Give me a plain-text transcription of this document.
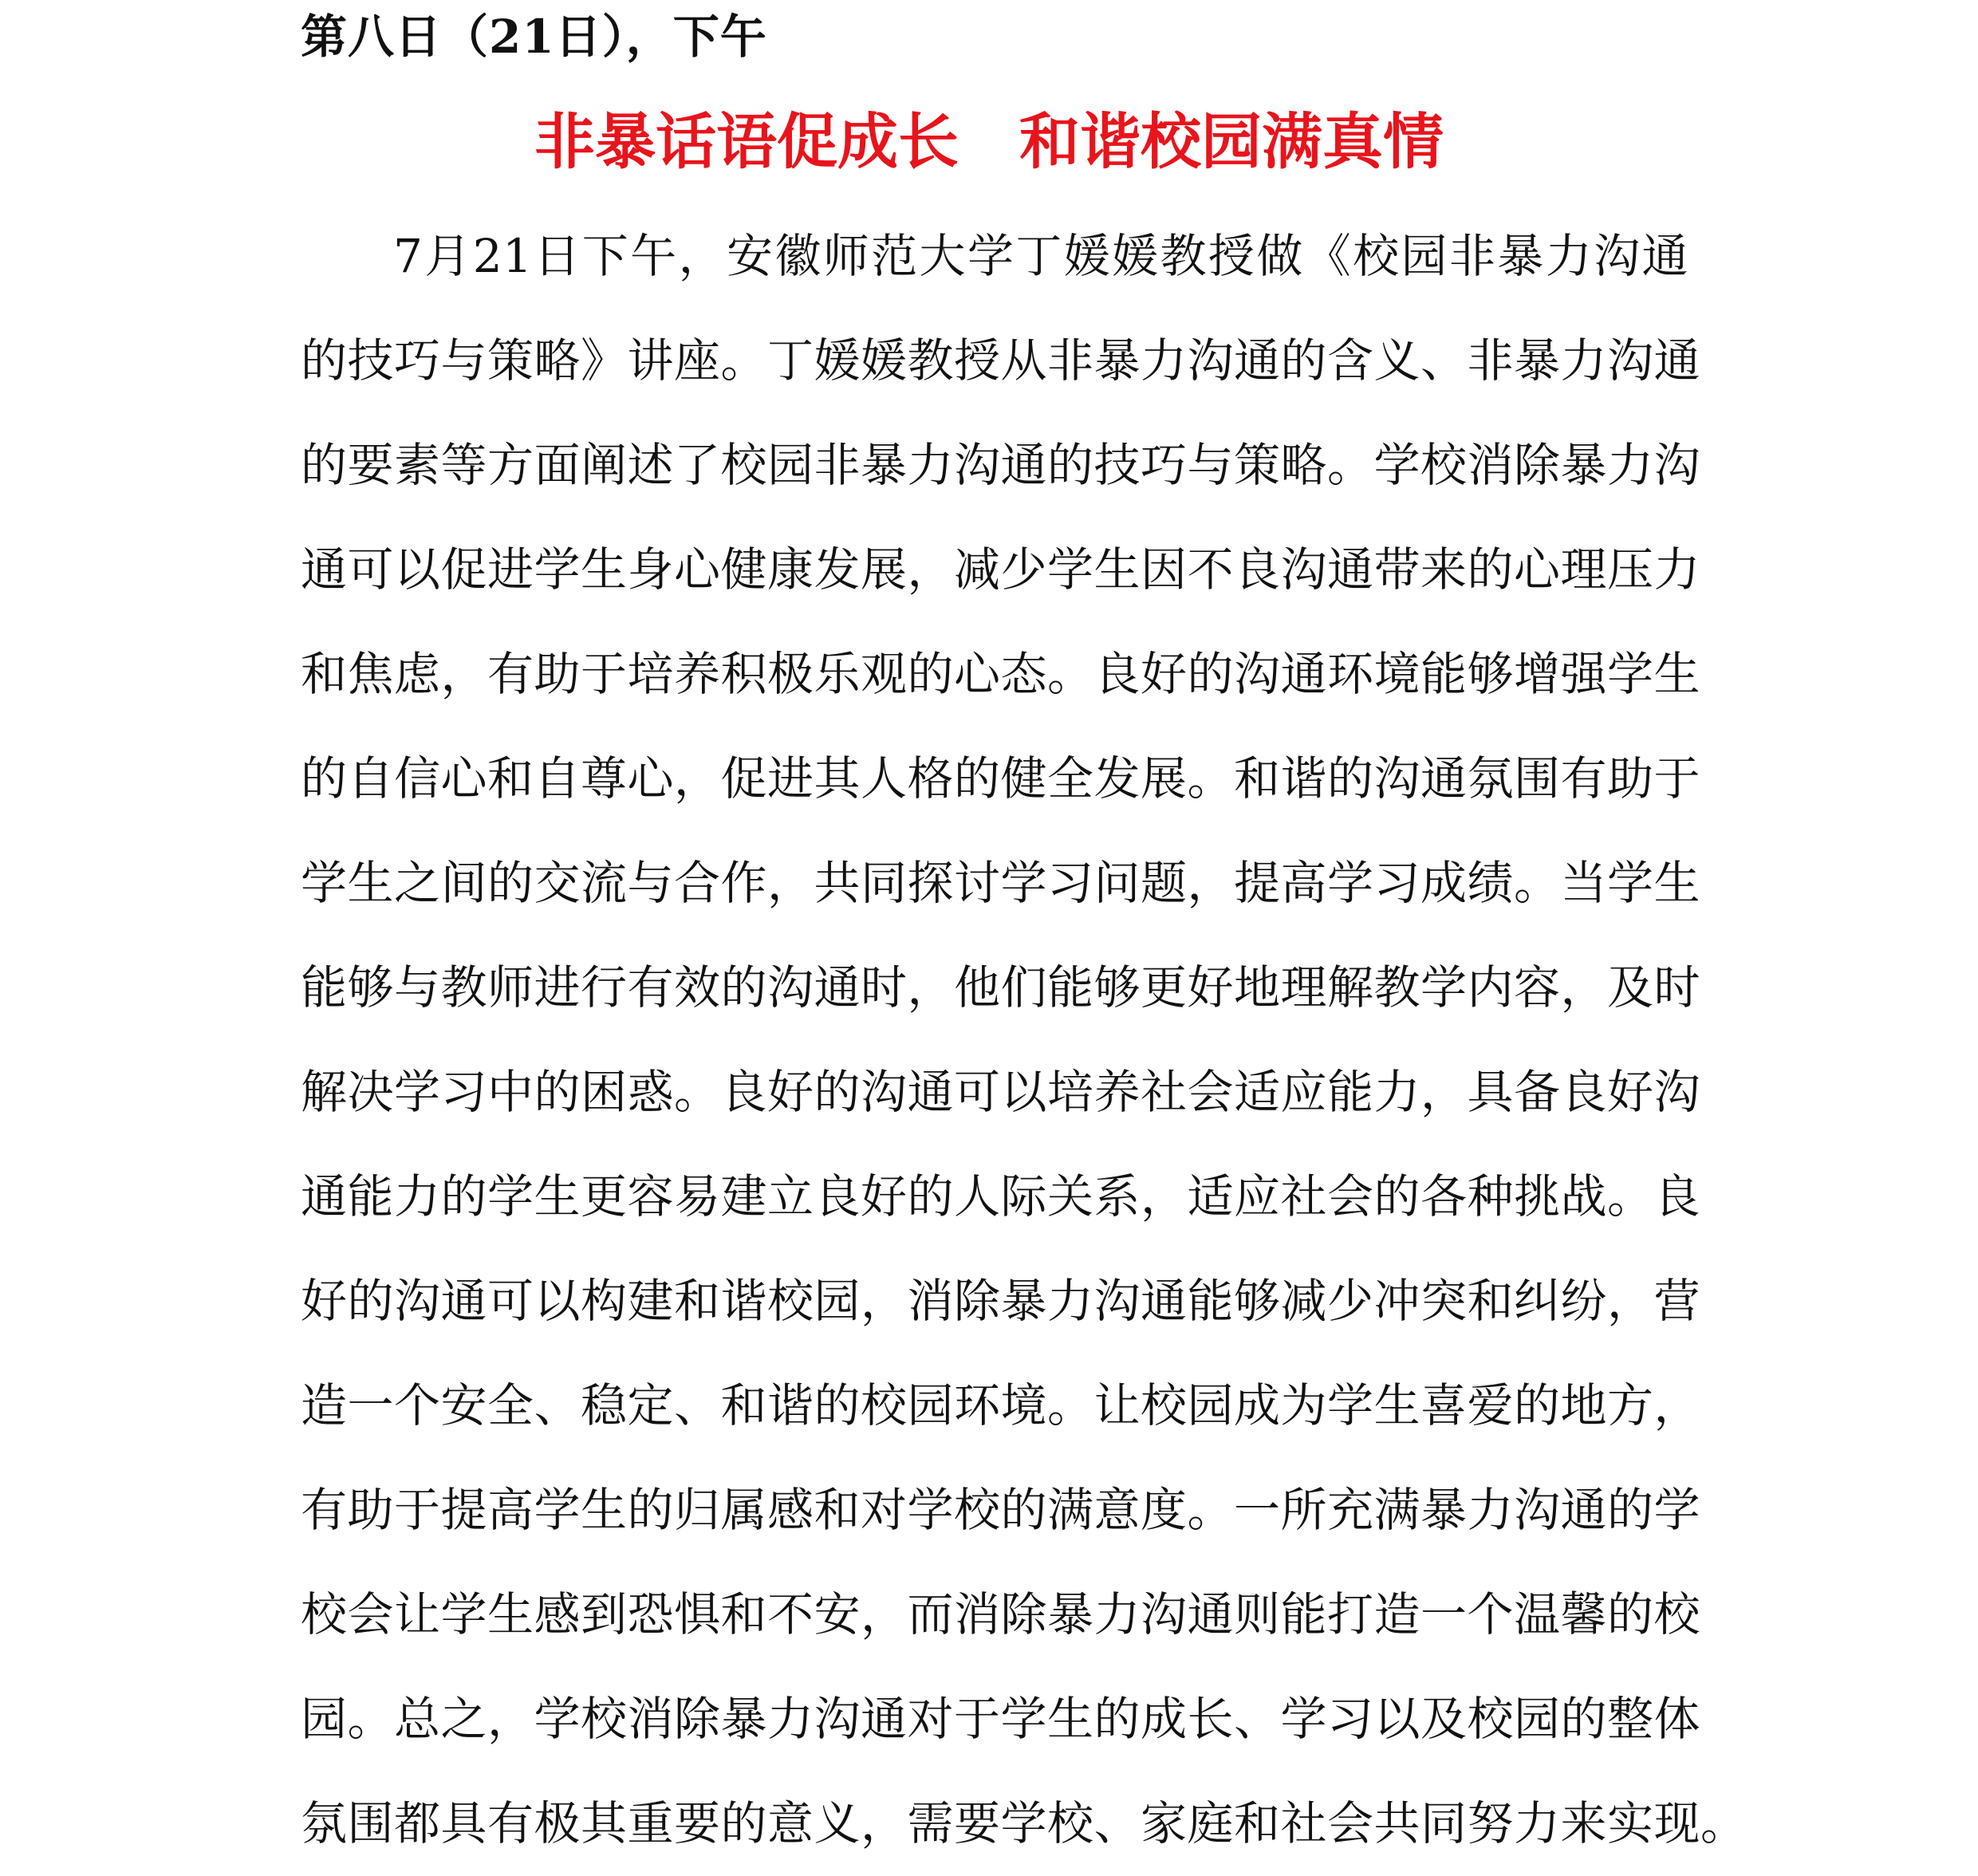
第八日（21日），下午
非暴话语促成长　和谐校园满真情
7月21日下午，安徽师范大学丁媛媛教授做《校园非暴力沟通
的技巧与策略》讲座。丁媛媛教授从非暴力沟通的含义、非暴力沟通
的要素等方面阐述了校园非暴力沟通的技巧与策略。学校消除暴力沟
通可以促进学生身心健康发展，减少学生因不良沟通带来的心理压力
和焦虑，有助于培养积极乐观的心态。良好的沟通环境能够增强学生
的自信心和自尊心，促进其人格的健全发展。和谐的沟通氛围有助于
学生之间的交流与合作，共同探讨学习问题，提高学习成绩。当学生
能够与教师进行有效的沟通时，他们能够更好地理解教学内容，及时
解决学习中的困惑。良好的沟通可以培养社会适应能力，具备良好沟
通能力的学生更容易建立良好的人际关系，适应社会的各种挑战。良
好的沟通可以构建和谐校园，消除暴力沟通能够减少冲突和纠纷，营
造一个安全、稳定、和谐的校园环境。让校园成为学生喜爱的地方，
有助于提高学生的归属感和对学校的满意度。一所充满暴力沟通的学
校会让学生感到恐惧和不安，而消除暴力沟通则能打造一个温馨的校
园。总之，学校消除暴力沟通对于学生的成长、学习以及校园的整体
氛围都具有极其重要的意义，需要学校、家庭和社会共同努力来实现。
